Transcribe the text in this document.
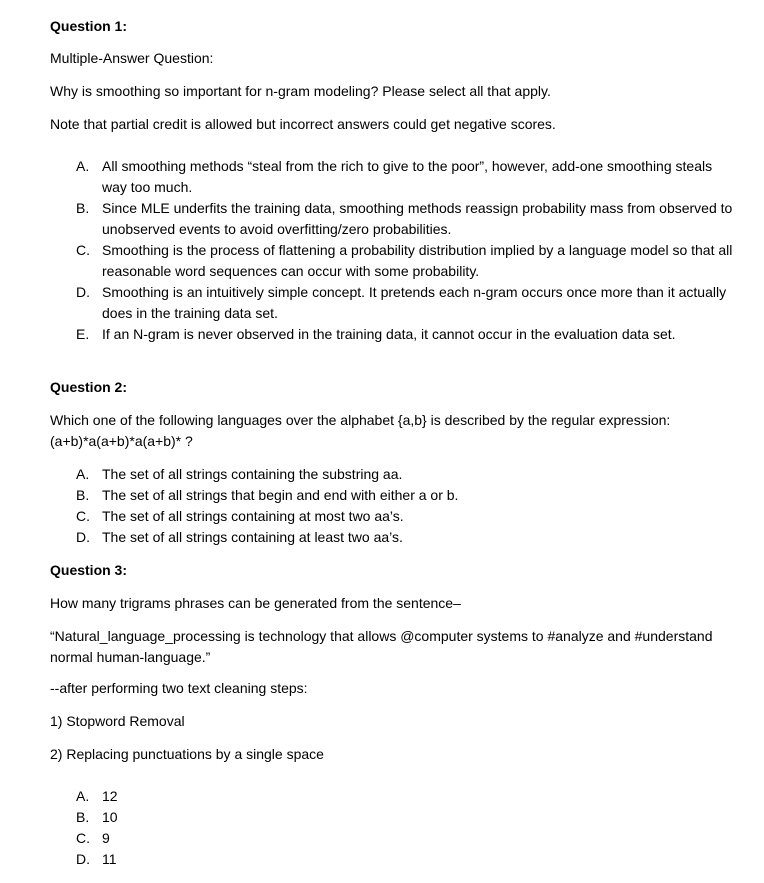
Question 1:
Multiple-Answer Question:
Why is smoothing so important for n-gram modeling? Please select all that apply.
Note that partial credit is allowed but incorrect answers could get negative scores.
A. All smoothing methods “steal from the rich to give to the poor”, however, add-one smoothing steals way too much.
B. Since MLE underfits the training data, smoothing methods reassign probability mass from observed to unobserved events to avoid overfitting/zero probabilities.
C. Smoothing is the process of flattening a probability distribution implied by a language model so that all reasonable word sequences can occur with some probability.
D. Smoothing is an intuitively simple concept. It pretends each n-gram occurs once more than it actually does in the training data set.
E. If an N-gram is never observed in the training data, it cannot occur in the evaluation data set.
Question 2:
Which one of the following languages over the alphabet {a,b} is described by the regular expression: (a+b)*a(a+b)*a(a+b)* ?
A. The set of all strings containing the substring aa.
B. The set of all strings that begin and end with either a or b.
C. The set of all strings containing at most two aa’s.
D. The set of all strings containing at least two aa’s.
Question 3:
How many trigrams phrases can be generated from the sentence–
“Natural_language_processing is technology that allows @computer systems to #analyze and #understand normal human-language.”
--after performing two text cleaning steps:
1) Stopword Removal
2) Replacing punctuations by a single space
A. 12
B. 10
C. 9
D. 11
